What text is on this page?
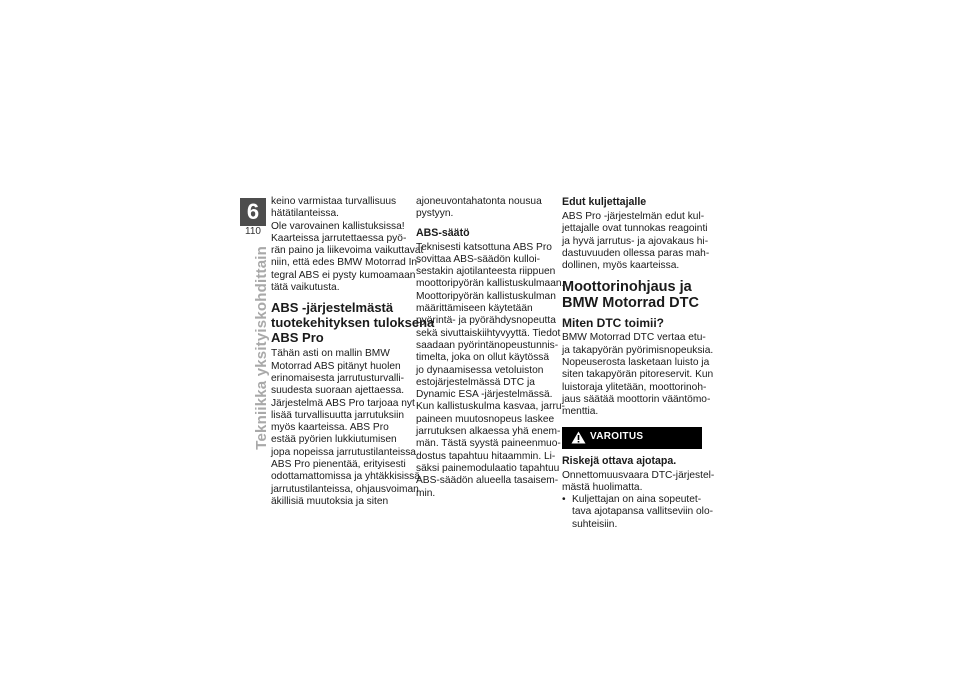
6
110
Tekniikka yksityiskohdittain

keino varmistaa turvallisuus

hätätilanteissa.

Ole varovainen kallistuksissa!

Kaarteissa jarrutettaessa pyö-

rän paino ja liikevoima vaikuttavat

niin, että edes BMW Motorrad In-

tegral ABS ei pysty kumoamaan

tätä vaikutusta.

ABS -järjestelmästä

tuotekehityksen tuloksena

ABS Pro

Tähän asti on mallin BMW

Motorrad ABS pitänyt huolen

erinomaisesta jarrutusturvalli-

suudesta suoraan ajettaessa.

Järjestelmä ABS Pro tarjoaa nyt

lisää turvallisuutta jarrutuksiin

myös kaarteissa. ABS Pro

estää pyörien lukkiutumisen

jopa nopeissa jarrutustilanteissa.

ABS Pro pienentää, erityisesti

odottamattomissa ja yhtäkkisissä

jarrutustilanteissa, ohjausvoiman

äkillisiä muutoksia ja siten

ajoneuvontahatonta nousua

pystyyn.

ABS-säätö

Teknisesti katsottuna ABS Pro

sovittaa ABS-säädön kulloi-

sestakin ajotilanteesta riippuen

moottoripyörän kallistuskulmaan.

Moottoripyörän kallistuskulman

määrittämiseen käytetään

pyörintä- ja pyörähdysnopeutta

sekä sivuttaiskiihtyvyyttä. Tiedot

saadaan pyörintänopeustunnis-

timelta, joka on ollut käytössä

jo dynaamisessa vetoluiston

estojärjestelmässä DTC ja

Dynamic ESA -järjestelmässä.

Kun kallistuskulma kasvaa, jarru-

paineen muutosnopeus laskee

jarrutuksen alkaessa yhä enem-

män. Tästä syystä paineenmuo-

dostus tapahtuu hitaammin. Li-

säksi painemodulaatio tapahtuu

ABS-säädön alueella tasaisem-

min.

Edut kuljettajalle

ABS Pro -järjestelmän edut kul-

jettajalle ovat tunnokas reagointi

ja hyvä jarrutus- ja ajovakaus hi-

dastuvuuden ollessa paras mah-

dollinen, myös kaarteissa.

Moottorinohjaus ja

BMW Motorrad DTC

Miten DTC toimii?

BMW Motorrad DTC vertaa etu-

ja takapyörän pyörimisnopeuksia.

Nopeuserosta lasketaan luisto ja

siten takapyörän pitoreservit. Kun

luistoraja ylitetään, moottorinoh-

jaus säätää moottorin vääntömo-

menttia.

VAROITUS
Riskejä ottava ajotapa.

Onnettomuusvaara DTC-järjestel-

mästä huolimatta.

• Kuljettajan on aina sopeutet-

tava ajotapansa vallitseviin olo-

suhteisiin.
